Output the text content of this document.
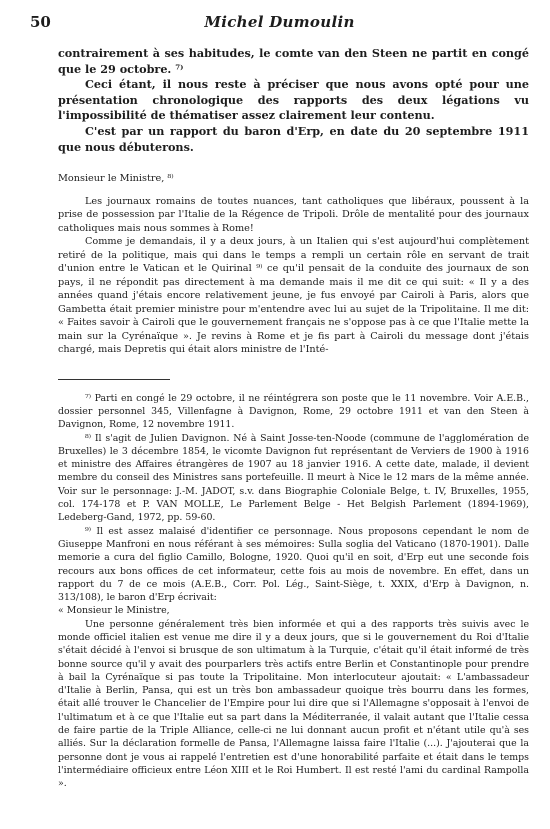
50	Michel Dumoulin

contrairement à ses habitudes, le comte van den Steen ne partit en congé que le 29 octobre. ⁷⁾

Ceci étant, il nous reste à préciser que nous avons opté pour une présentation chronologique des rapports des deux légations vu l'impossibilité de thématiser assez clairement leur contenu.

C'est par un rapport du baron d'Erp, en date du 20 septembre 1911 que nous débuterons.

Monsieur le Ministre, ⁸⁾

Les journaux romains de toutes nuances, tant catholiques que libéraux, poussent à la prise de possession par l'Italie de la Régence de Tripoli. Drôle de mentalité pour des journaux catholiques mais nous sommes à Rome!

Comme je demandais, il y a deux jours, à un Italien qui s'est aujourd'hui complètement retiré de la politique, mais qui dans le temps a rempli un certain rôle en servant de trait d'union entre le Vatican et le Quirinal ⁹⁾ ce qu'il pensait de la conduite des journaux de son pays, il ne répondit pas directement à ma demande mais il me dit ce qui suit: « Il y a des années quand j'étais encore relativement jeune, je fus envoyé par Cairoli à Paris, alors que Gambetta était premier ministre pour m'entendre avec lui au sujet de la Tripolitaine. Il me dit: « Faites savoir à Cairoli que le gouvernement français ne s'oppose pas à ce que l'Italie mette la main sur la Cyrénaïque ». Je revins à Rome et je fis part à Cairoli du message dont j'étais chargé, mais Depretis qui était alors ministre de l'Inté-

⁷⁾ Parti en congé le 29 octobre, il ne réintégrera son poste que le 11 novembre. Voir A.E.B., dossier personnel 345, Villenfagne à Davignon, Rome, 29 octobre 1911 et van den Steen à Davignon, Rome, 12 novembre 1911.

⁸⁾ Il s'agit de Julien Davignon. Né à Saint Josse-ten-Noode (commune de l'agglomération de Bruxelles) le 3 décembre 1854, le vicomte Davignon fut représentant de Verviers de 1900 à 1916 et ministre des Affaires étrangères de 1907 au 18 janvier 1916. A cette date, malade, il devient membre du conseil des Ministres sans portefeuille. Il meurt à Nice le 12 mars de la même année. Voir sur le personnage: J.-M. JADOT, s.v. dans Biographie Coloniale Belge, t. IV, Bruxelles, 1955, col. 174-178 et P. VAN MOLLE, Le Parlement Belge - Het Belgish Parlement (1894-1969), Ledeberg-Gand, 1972, pp. 59-60.

⁹⁾ Il est assez malaisé d'identifier ce personnage. Nous proposons cependant le nom de Giuseppe Manfroni en nous référant à ses mémoires: Sulla soglia del Vaticano (1870-1901). Dalle memorie a cura del figlio Camillo, Bologne, 1920. Quoi qu'il en soit, d'Erp eut une seconde fois recours aux bons offices de cet informateur, cette fois au mois de novembre. En effet, dans un rapport du 7 de ce mois (A.E.B., Corr. Pol. Lég., Saint-Siège, t. XXIX, d'Erp à Davignon, n. 313/108), le baron d'Erp écrivait:

« Monsieur le Ministre,

Une personne généralement très bien informée et qui a des rapports très suivis avec le monde officiel italien est venue me dire il y a deux jours, que si le gouvernement du Roi d'Italie s'était décidé à l'envoi si brusque de son ultimatum à la Turquie, c'était qu'il était informé de très bonne source qu'il y avait des pourparlers très actifs entre Berlin et Constantinople pour prendre à bail la Cyrénaïque si pas toute la Tripolitaine. Mon interlocuteur ajoutait: « L'ambassadeur d'Italie à Berlin, Pansa, qui est un très bon ambassadeur quoique très bourru dans les formes, était allé trouver le Chancelier de l'Empire pour lui dire que si l'Allemagne s'opposait à l'envoi de l'ultimatum et à ce que l'Italie eut sa part dans la Méditerranée, il valait autant que l'Italie cessa de faire partie de la Triple Alliance, celle-ci ne lui donnant aucun profit et n'étant utile qu'à ses alliés. Sur la déclaration formelle de Pansa, l'Allemagne laissa faire l'Italie (...). J'ajouterai que la personne dont je vous ai rappelé l'entretien est d'une honorabilité parfaite et était dans le temps l'intermédiaire officieux entre Léon XIII et le Roi Humbert. Il est resté l'ami du cardinal Rampolla ».
